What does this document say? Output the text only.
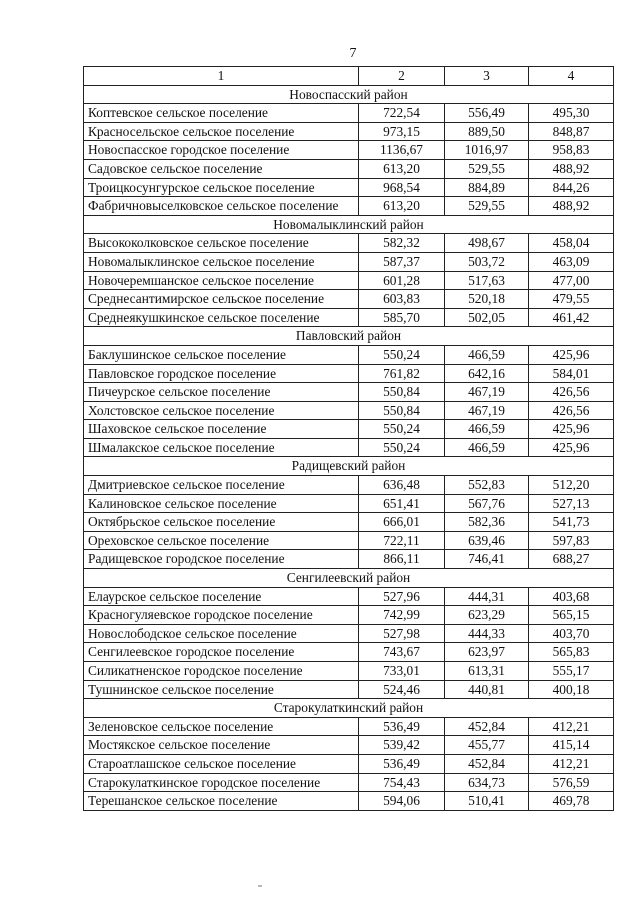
7
1	2	3	4
Новоспасский район			
Коптевское сельское поселение	722,54	556,49	495,30
Красносельское сельское поселение	973,15	889,50	848,87
Новоспасское городское поселение	1136,67	1016,97	958,83
Садовское сельское поселение	613,20	529,55	488,92
Троицкосунгурское сельское поселение	968,54	884,89	844,26
Фабричновыселковское сельское поселение	613,20	529,55	488,92
Новомалыклинский район			
Высококолковское сельское поселение	582,32	498,67	458,04
Новомалыклинское сельское поселение	587,37	503,72	463,09
Новочеремшанское сельское поселение	601,28	517,63	477,00
Среднесантимирское сельское поселение	603,83	520,18	479,55
Среднеякушкинское сельское поселение	585,70	502,05	461,42
Павловский район			
Баклушинское сельское поселение	550,24	466,59	425,96
Павловское городское поселение	761,82	642,16	584,01
Пичеурское сельское поселение	550,84	467,19	426,56
Холстовское сельское поселение	550,84	467,19	426,56
Шаховское сельское поселение	550,24	466,59	425,96
Шмалакское сельское поселение	550,24	466,59	425,96
Радищевский район			
Дмитриевское сельское поселение	636,48	552,83	512,20
Калиновское сельское поселение	651,41	567,76	527,13
Октябрьское сельское поселение	666,01	582,36	541,73
Ореховское сельское поселение	722,11	639,46	597,83
Радищевское городское поселение	866,11	746,41	688,27
Сенгилеевский район			
Елаурское сельское поселение	527,96	444,31	403,68
Красногуляевское городское поселение	742,99	623,29	565,15
Новослободское сельское поселение	527,98	444,33	403,70
Сенгилеевское городское поселение	743,67	623,97	565,83
Силикатненское городское поселение	733,01	613,31	555,17
Тушнинское сельское поселение	524,46	440,81	400,18
Старокулаткинский район			
Зеленовское сельское поселение	536,49	452,84	412,21
Мостякское сельское поселение	539,42	455,77	415,14
Староатлашское сельское поселение	536,49	452,84	412,21
Старокулаткинское городское поселение	754,43	634,73	576,59
Терешанское сельское поселение	594,06	510,41	469,78
